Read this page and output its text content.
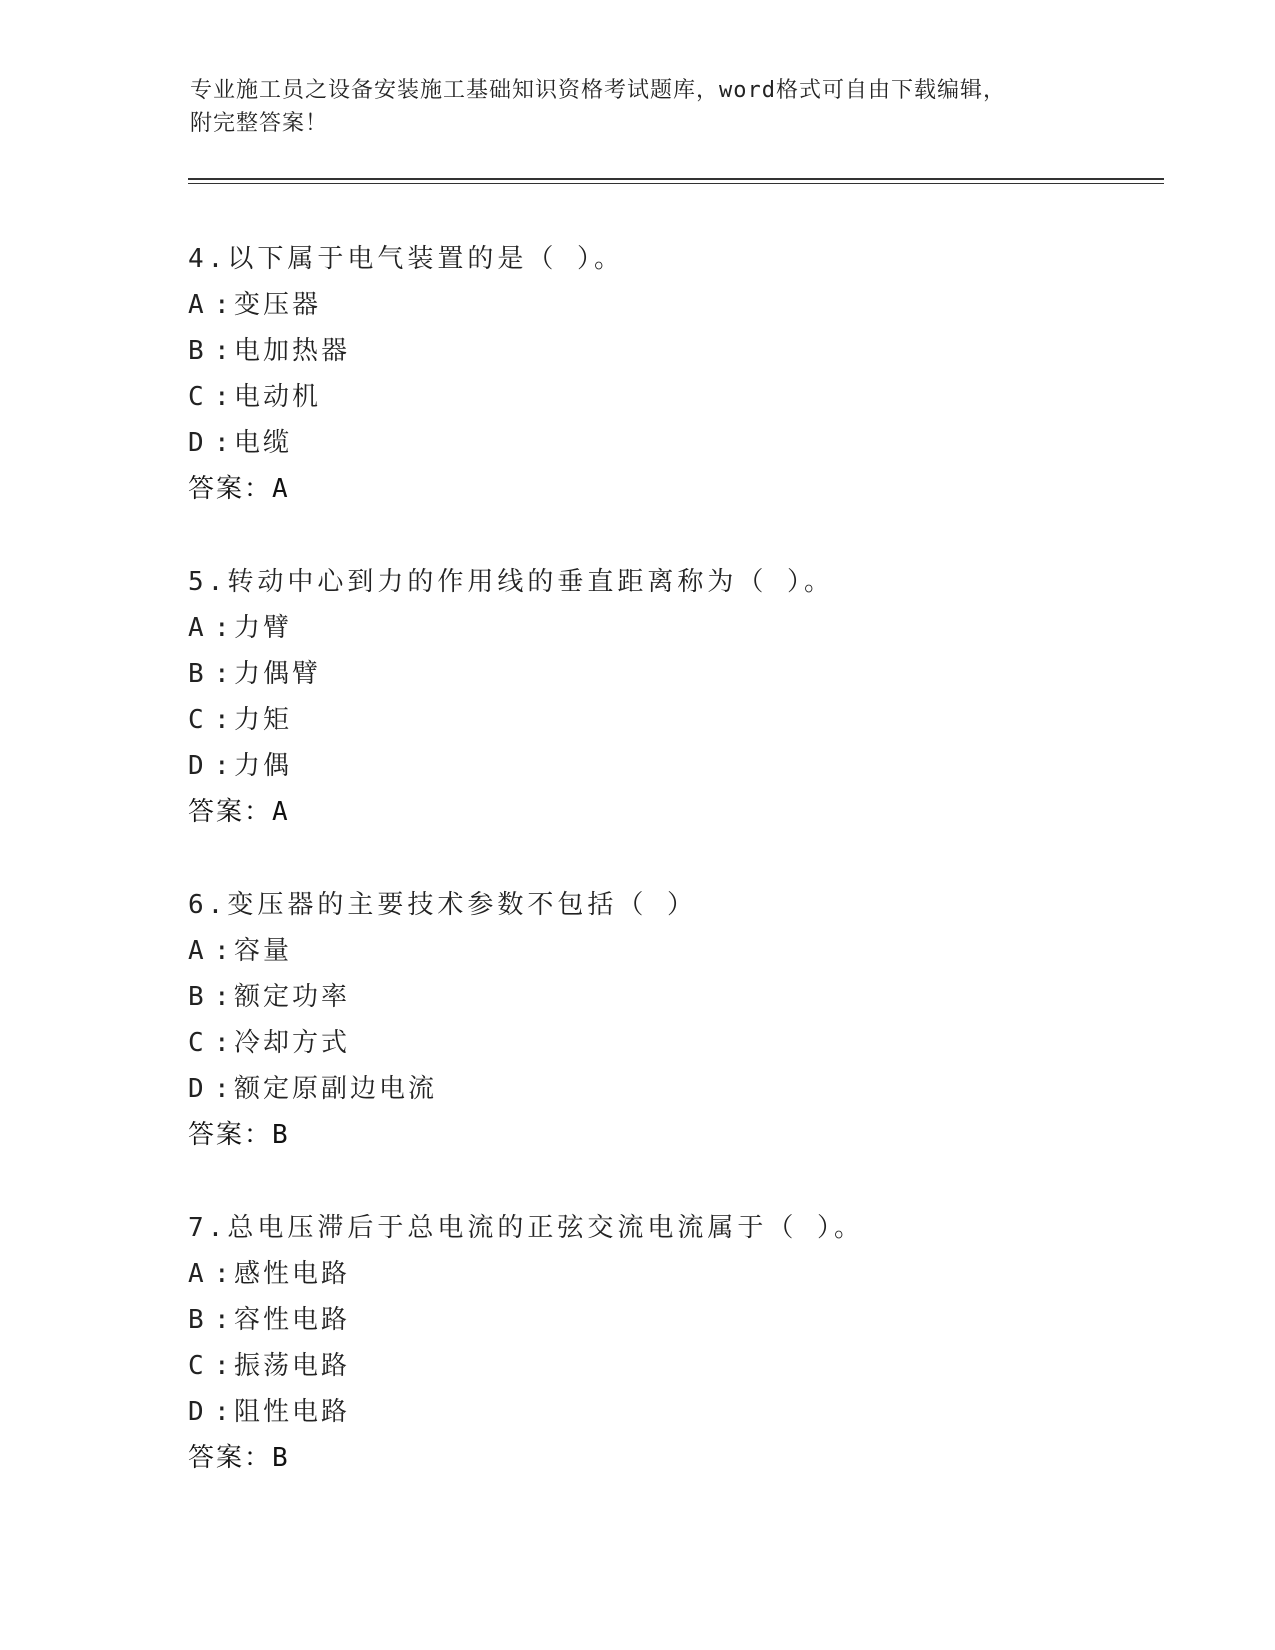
专业施工员之设备安装施工基础知识资格考试题库，word格式可自由下载编辑，
附完整答案！
4.以下属于电气装置的是（ ）。
A :变压器
B :电加热器
C :电动机
D :电缆
答案：A
5.转动中心到力的作用线的垂直距离称为（ ）。
A :力臂
B :力偶臂
C :力矩
D :力偶
答案：A
6.变压器的主要技术参数不包括（ ）
A :容量
B :额定功率
C :冷却方式
D :额定原副边电流
答案：B
7.总电压滞后于总电流的正弦交流电流属于（ ）。
A :感性电路
B :容性电路
C :振荡电路
D :阻性电路
答案：B
